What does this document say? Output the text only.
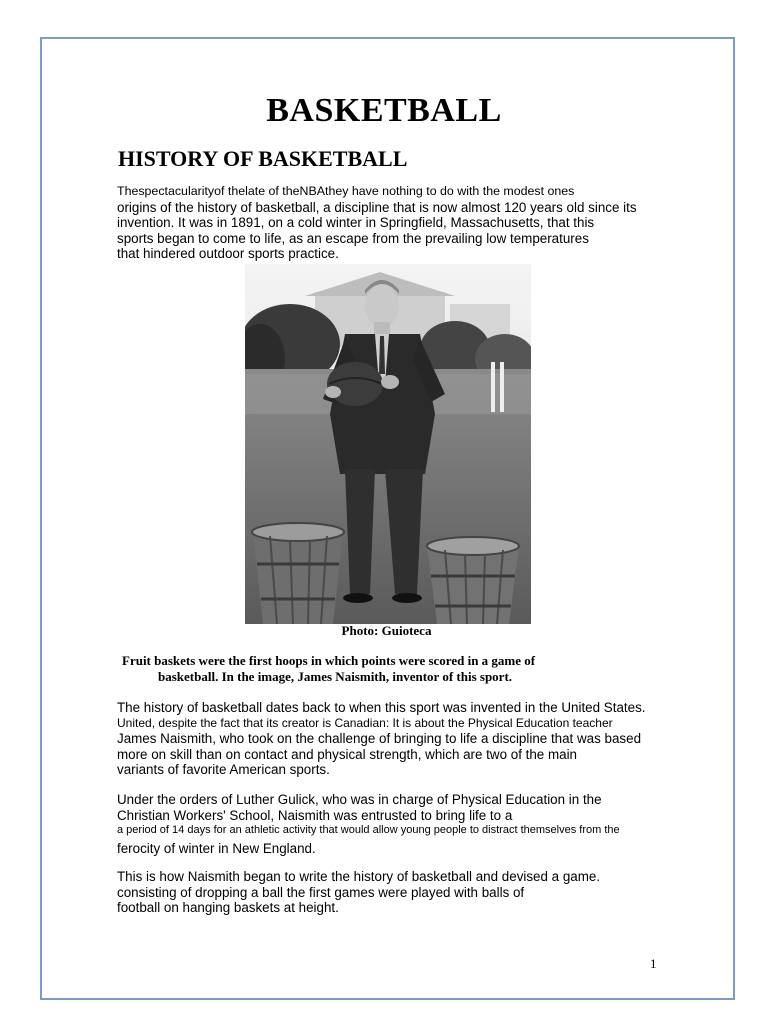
BASKETBALL
HISTORY OF BASKETBALL

Thespectacularityof thelate of theNBAthey have nothing to do with the modest ones
origins of the history of basketball, a discipline that is now almost 120 years old since its
invention. It was in 1891, on a cold winter in Springfield, Massachusetts, that this
sports began to come to life, as an escape from the prevailing low temperatures
that hindered outdoor sports practice.

Photo: Guioteca
Fruit baskets were the first hoops in which points were scored in a game of
basketball. In the image, James Naismith, inventor of this sport.

The history of basketball dates back to when this sport was invented in the United States.
United, despite the fact that its creator is Canadian: It is about the Physical Education teacher
James Naismith, who took on the challenge of bringing to life a discipline that was based
more on skill than on contact and physical strength, which are two of the main
variants of favorite American sports.

Under the orders of Luther Gulick, who was in charge of Physical Education in the
Christian Workers' School, Naismith was entrusted to bring life to a
a period of 14 days for an athletic activity that would allow young people to distract themselves from the
ferocity of winter in New England.

This is how Naismith began to write the history of basketball and devised a game.
consisting of dropping a ball the first games were played with balls of
football on hanging baskets at height.

1
